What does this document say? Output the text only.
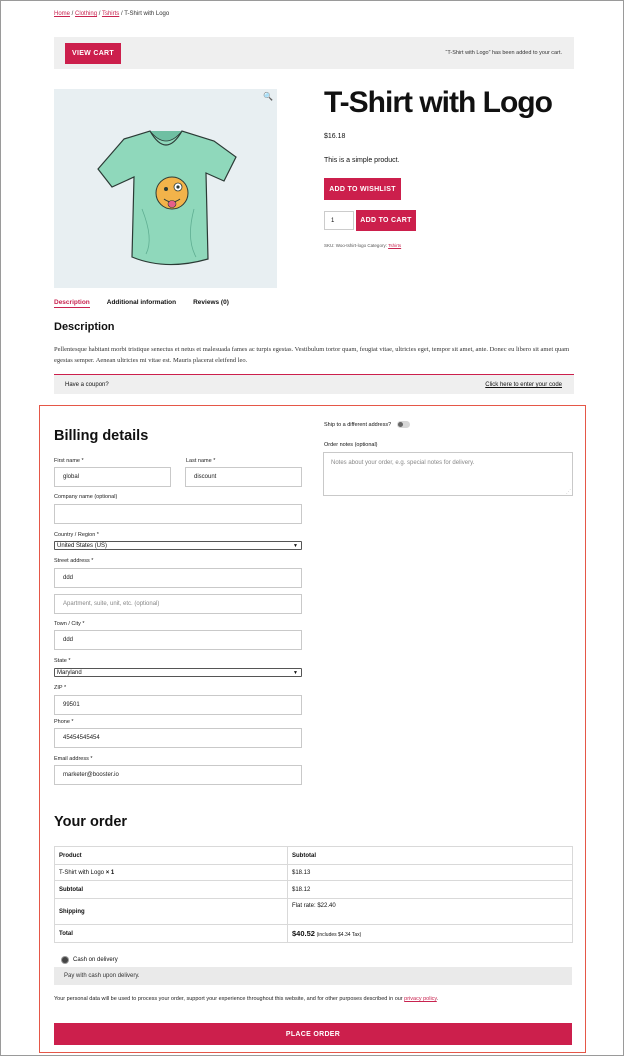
Home / Clothing / Tshirts / T-Shirt with Logo
VIEW CART	“T-Shirt with Logo” has been added to your cart.
🔍 T-Shirt with Logo
$16.18
This is a simple product.
ADD TO WISHLIST
1	ADD TO CART
SKU: Woo-tshirt-logo Category: Tshirts
Description	Additional information	Reviews (0)
Description
Pellentesque habitant morbi tristique senectus et netus et malesuada fames ac turpis egestas. Vestibulum tortor quam, feugiat vitae, ultricies eget, tempor sit amet, ante. Donec eu libero sit amet quam egestas semper. Aenean ultricies mi vitae est. Mauris placerat eleifend leo.
Have a coupon?	Click here to enter your code
Billing details
First name *
global
Last name *
discount
Company name (optional)
Country / Region *
United States (US)	▼
Street address *
ddd
Apartment, suite, unit, etc. (optional)
Town / City *
ddd
State *
Maryland	▼
ZIP *
99501
Phone *
45454545454
Email address *
marketer@booster.io
Ship to a different address?
Order notes (optional)
Notes about your order, e.g. special notes for delivery.
⋰
Your order
Product	Subtotal
T-Shirt with Logo × 1	$18.13
Subtotal	$18.12
Shipping	Flat rate: $22.40
Total	$40.52 (includes $4.34 Tax)
Cash on delivery
Pay with cash upon delivery.
Your personal data will be used to process your order, support your experience throughout this website, and for other purposes described in our privacy policy.
PLACE ORDER
